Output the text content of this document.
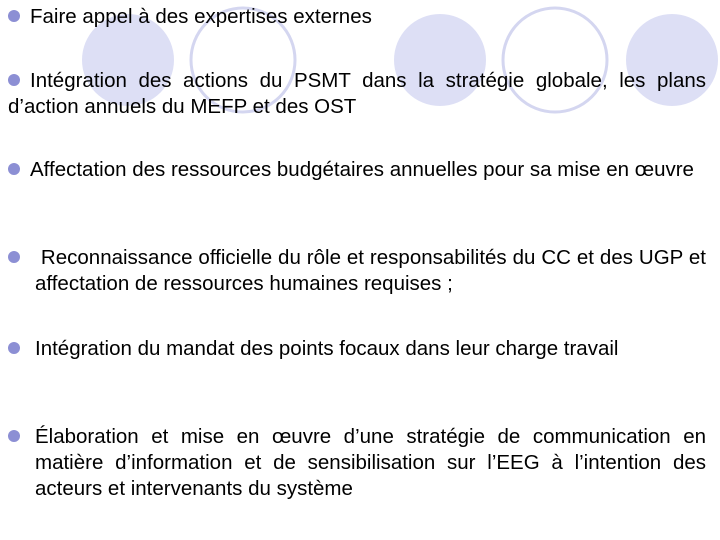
Faire appel à des expertises externes
Intégration des actions du PSMT dans la stratégie globale, les plans d’action annuels du MEFP et des OST
Affectation des ressources budgétaires annuelles pour sa mise en œuvre
Reconnaissance officielle du rôle et responsabilités du CC et des UGP et affectation de ressources humaines requises ;
Intégration du mandat des points focaux dans leur charge travail
Élaboration et mise en œuvre d’une stratégie de communication en matière d’information et de sensibilisation sur l’EEG à l’intention des acteurs et intervenants du système
